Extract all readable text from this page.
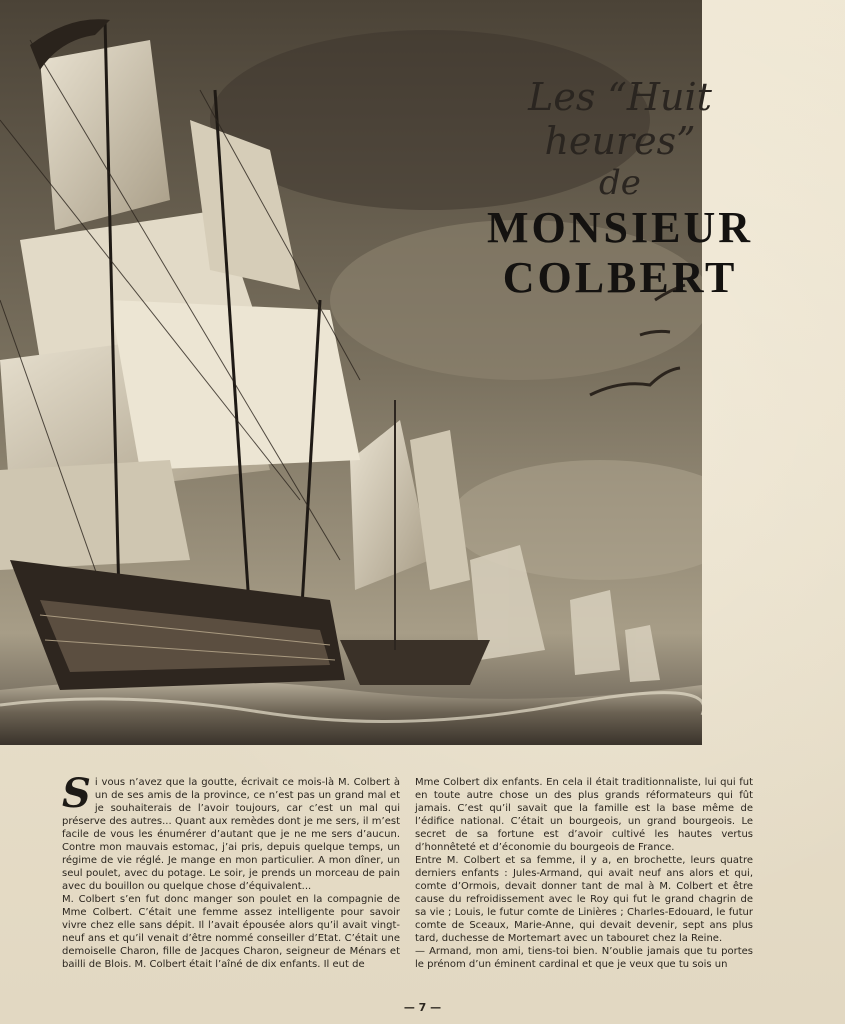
Les “Huit heures”
de
MONSIEUR
COLBERT
S i vous n’avez que la goutte, écrivait ce mois-là M. Colbert à un de ses amis de la province, ce n’est pas un grand mal et je souhaiterais de l’avoir toujours, car c’est un mal qui préserve des autres... Quant aux remèdes dont je me sers, il m’est facile de vous les énumérer d’autant que je ne me sers d’aucun. Contre mon mauvais estomac, j’ai pris, depuis quelque temps, un régime de vie réglé. Je mange en mon particulier. A mon dîner, un seul poulet, avec du potage. Le soir, je prends un morceau de pain avec du bouillon ou quelque chose d’équivalent...

M. Colbert s’en fut donc manger son poulet en la compagnie de Mme Colbert. C’était une femme assez intelligente pour savoir vivre chez elle sans dépit. Il l’avait épousée alors qu’il avait vingt-neuf ans et qu’il venait d’être nommé conseiller d’Etat. C’était une demoiselle Charon, fille de Jacques Charon, seigneur de Ménars et bailli de Blois. M. Colbert était l’aîné de dix enfants. Il eut de

Mme Colbert dix enfants. En cela il était traditionnaliste, lui qui fut en toute autre chose un des plus grands réformateurs qui fût jamais. C’est qu’il savait que la famille est la base même de l’édifice national. C’était un bourgeois, un grand bourgeois. Le secret de sa fortune est d’avoir cultivé les hautes vertus d’honnêteté et d’économie du bourgeois de France.

Entre M. Colbert et sa femme, il y a, en brochette, leurs quatre derniers enfants : Jules-Armand, qui avait neuf ans alors et qui, comte d’Ormois, devait donner tant de mal à M. Colbert et être cause du refroidissement avec le Roy qui fut le grand chagrin de sa vie ; Louis, le futur comte de Linières ; Charles-Edouard, le futur comte de Sceaux, Marie-Anne, qui devait devenir, sept ans plus tard, duchesse de Mortemart avec un tabouret chez la Reine.

— Armand, mon ami, tiens-toi bien. N’oublie jamais que tu portes le prénom d’un éminent cardinal et que je veux que tu sois un

— 7 —
